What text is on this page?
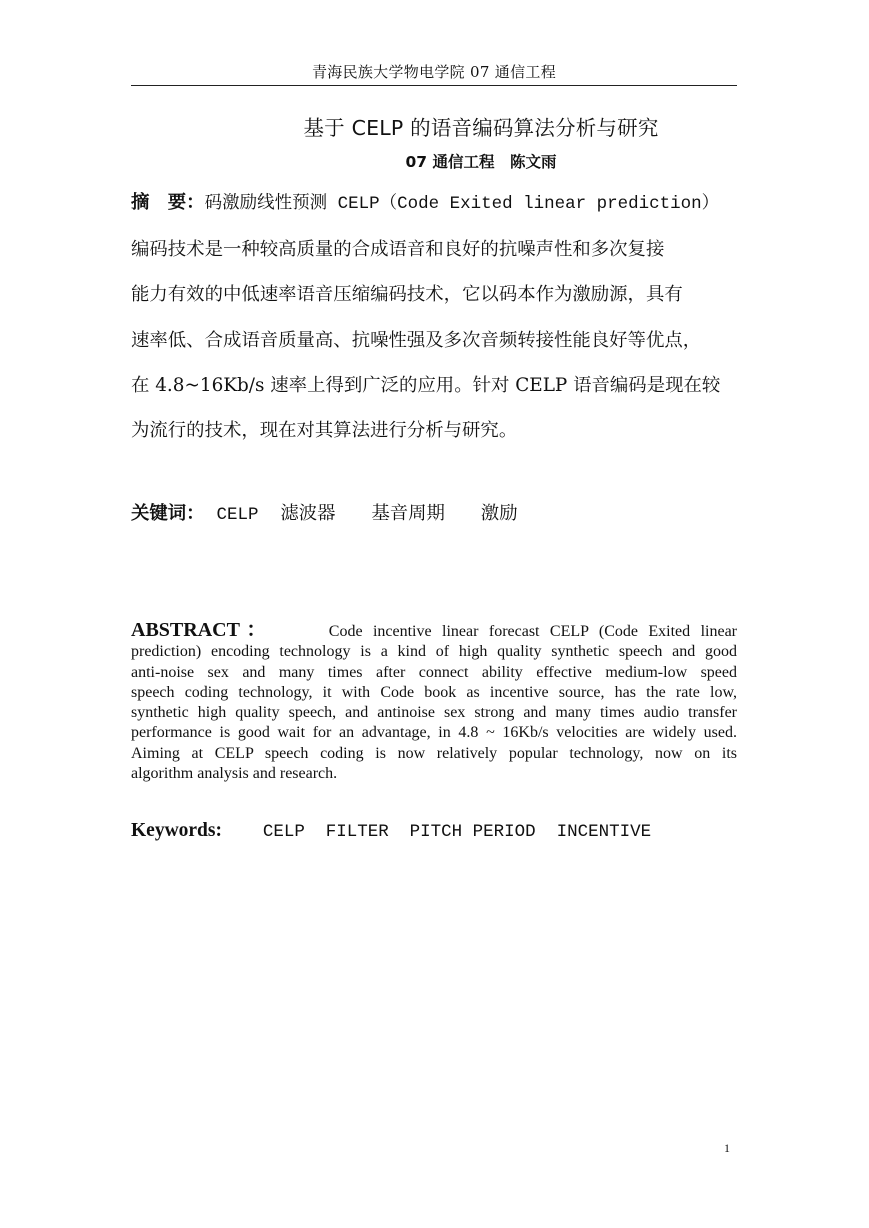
青海民族大学物电学院 07 通信工程
基于 CELP 的语音编码算法分析与研究
07 通信工程　陈文雨
摘　要：码激励线性预测 CELP（Code Exited linear prediction）
编码技术是一种较高质量的合成语音和良好的抗噪声性和多次复接
能力有效的中低速率语音压缩编码技术，它以码本作为激励源，具有
速率低、合成语音质量高、抗噪性强及多次音频转接性能良好等优点，
在 4.8~16Kb/s 速率上得到广泛的应用。针对 CELP 语音编码是现在较
为流行的技术，现在对其算法进行分析与研究。
关键词： CELP 滤波器 基音周期 激励
ABSTRACT：	Code incentive linear forecast CELP (Code Exited linear
prediction) encoding technology is a kind of high quality synthetic speech and good
anti-noise sex and many times after connect ability effective medium-low speed
speech coding technology, it with Code book as incentive source, has the rate low,
synthetic high quality speech, and antinoise sex strong and many times audio transfer
performance is good wait for an advantage, in 4.8 ~ 16Kb/s velocities are widely used.
Aiming at CELP speech coding is now relatively popular technology, now on its
algorithm analysis and research.
Keywords: CELP FILTER PITCH PERIOD INCENTIVE
1
